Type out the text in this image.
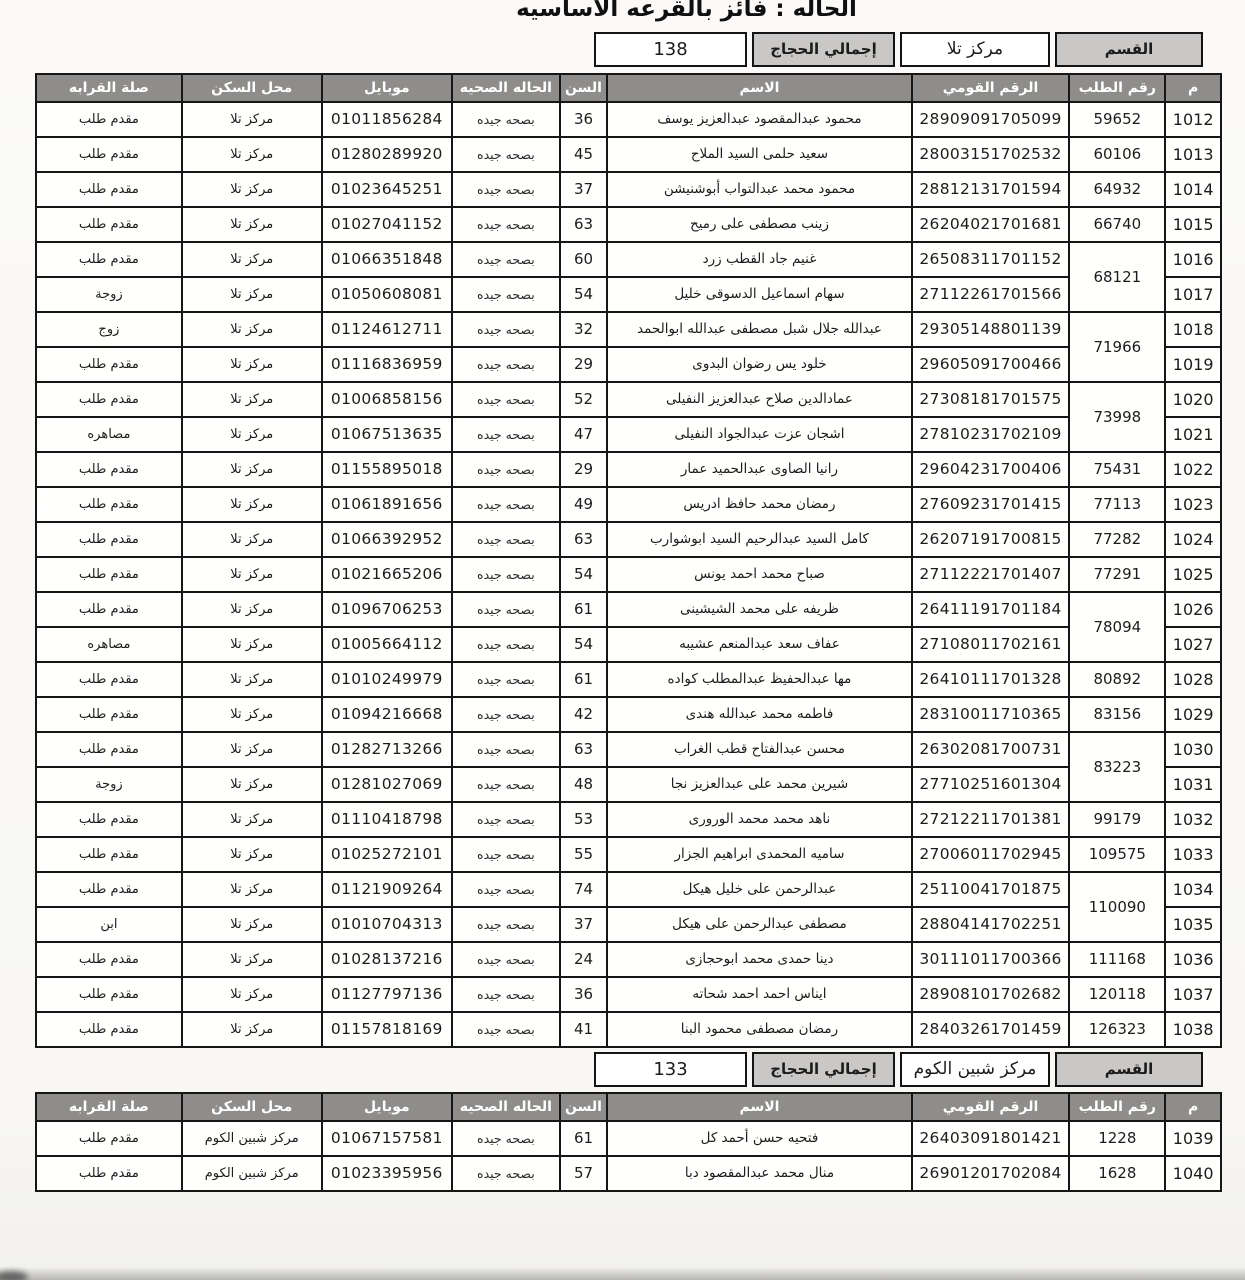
الحاله : فائز بالقرعه الاساسيه
القسم
مركز تلا
إجمالي الحجاج
138
م	رقم الطلب	الرقم القومي	الاسم	السن	الحاله الصحيه	موبايل	محل السكن	صلة القرابه
1012	59652	28909091705099	محمود عبدالمقصود عبدالعزيز يوسف	36	بصحه جيده	01011856284	مركز تلا	مقدم طلب
1013	60106	28003151702532	سعيد حلمى السيد الملاح	45	بصحه جيده	01280289920	مركز تلا	مقدم طلب
1014	64932	28812131701594	محمود محمد عبدالتواب أبوشنيشن	37	بصحه جيده	01023645251	مركز تلا	مقدم طلب
1015	66740	26204021701681	زينب مصطفى على رميح	63	بصحه جيده	01027041152	مركز تلا	مقدم طلب
1016	68121	26508311701152	غنيم جاد القطب زرد	60	بصحه جيده	01066351848	مركز تلا	مقدم طلب
1017		27112261701566	سهام اسماعيل الدسوقى خليل	54	بصحه جيده	01050608081	مركز تلا	زوجة
1018	71966	29305148801139	عبدالله جلال شبل مصطفى عبدالله ابوالحمد	32	بصحه جيده	01124612711	مركز تلا	زوج
1019		29605091700466	خلود يس رضوان البدوى	29	بصحه جيده	01116836959	مركز تلا	مقدم طلب
1020	73998	27308181701575	عمادالدين صلاح عبدالعزيز النفيلى	52	بصحه جيده	01006858156	مركز تلا	مقدم طلب
1021		27810231702109	اشجان عزت عبدالجواد النفيلى	47	بصحه جيده	01067513635	مركز تلا	مصاهره
1022	75431	29604231700406	رانيا الصاوى عبدالحميد عمار	29	بصحه جيده	01155895018	مركز تلا	مقدم طلب
1023	77113	27609231701415	رمضان محمد حافظ ادريس	49	بصحه جيده	01061891656	مركز تلا	مقدم طلب
1024	77282	26207191700815	كامل السيد عبدالرحيم السيد ابوشوارب	63	بصحه جيده	01066392952	مركز تلا	مقدم طلب
1025	77291	27112221701407	صباح محمد احمد يونس	54	بصحه جيده	01021665206	مركز تلا	مقدم طلب
1026	78094	26411191701184	ظريفه على محمد الشيشينى	61	بصحه جيده	01096706253	مركز تلا	مقدم طلب
1027		27108011702161	عفاف سعد عبدالمنعم عشيبه	54	بصحه جيده	01005664112	مركز تلا	مصاهره
1028	80892	26410111701328	مها عبدالحفيظ عبدالمطلب كواده	61	بصحه جيده	01010249979	مركز تلا	مقدم طلب
1029	83156	28310011710365	فاطمه محمد عبدالله هندى	42	بصحه جيده	01094216668	مركز تلا	مقدم طلب
1030	83223	26302081700731	محسن عبدالفتاح قطب الغراب	63	بصحه جيده	01282713266	مركز تلا	مقدم طلب
1031		27710251601304	شيرين محمد على عبدالعزيز نجا	48	بصحه جيده	01281027069	مركز تلا	زوجة
1032	99179	27212211701381	ناهد محمد محمد الورورى	53	بصحه جيده	01110418798	مركز تلا	مقدم طلب
1033	109575	27006011702945	ساميه المحمدى ابراهيم الجزار	55	بصحه جيده	01025272101	مركز تلا	مقدم طلب
1034	110090	25110041701875	عبدالرحمن على خليل هيكل	74	بصحه جيده	01121909264	مركز تلا	مقدم طلب
1035		28804141702251	مصطفى عبدالرحمن على هيكل	37	بصحه جيده	01010704313	مركز تلا	ابن
1036	111168	30111011700366	دينا حمدى محمد ابوحجازى	24	بصحه جيده	01028137216	مركز تلا	مقدم طلب
1037	120118	28908101702682	ايناس احمد احمد شحاته	36	بصحه جيده	01127797136	مركز تلا	مقدم طلب
1038	126323	28403261701459	رمضان مصطفى محمود البنا	41	بصحه جيده	01157818169	مركز تلا	مقدم طلب
القسم
مركز شبين الكوم
إجمالي الحجاج
133
م	رقم الطلب	الرقم القومي	الاسم	السن	الحاله الصحيه	موبايل	محل السكن	صلة القرابه
1039	1228	26403091801421	فتحيه حسن أحمد كل	61	بصحه جيده	01067157581	مركز شبين الكوم	مقدم طلب
1040	1628	26901201702084	منال محمد عبدالمقصود دبا	57	بصحه جيده	01023395956	مركز شبين الكوم	مقدم طلب
